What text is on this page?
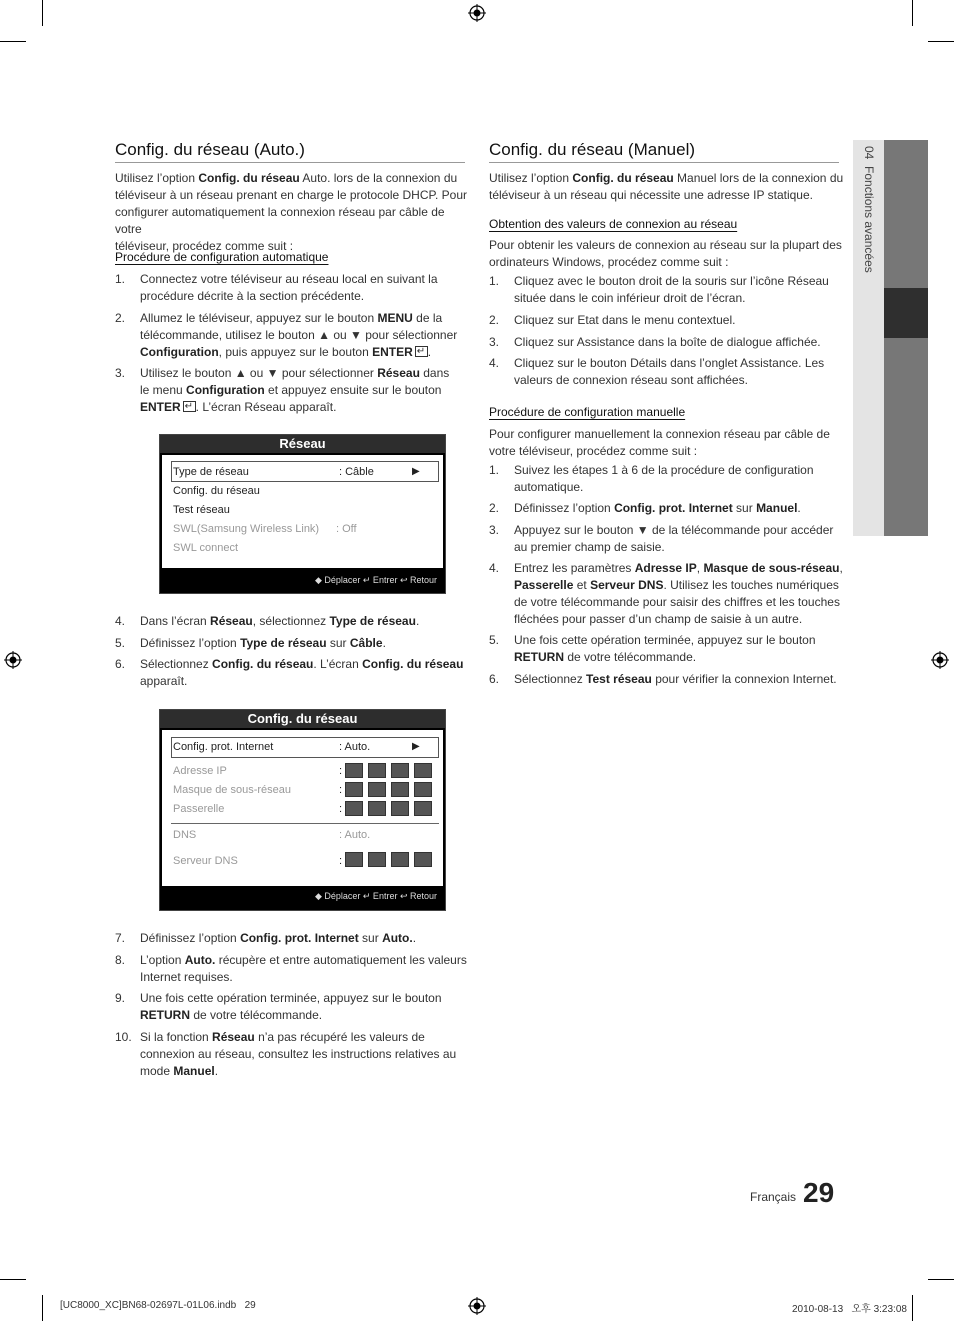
Config. du réseau (Auto.)
Utilisez l’option Config. du réseau Auto. lors de la connexion du
téléviseur à un réseau prenant en charge le protocole DHCP. Pour
configurer automatiquement la connexion réseau par câble de votre
téléviseur, procédez comme suit :
Procédure de configuration automatique
1. Connectez votre téléviseur au réseau local en suivant la
procédure décrite à la section précédente.
2. Allumez le téléviseur, appuyez sur le bouton MENU de la
télécommande, utilisez le bouton ▲ ou ▼ pour sélectionner
Configuration, puis appuyez sur le bouton ENTER ↵ .
3. Utilisez le bouton ▲ ou ▼ pour sélectionner Réseau dans
le menu Configuration et appuyez ensuite sur le bouton
ENTER ↵ . L’écran Réseau apparaît.
Réseau
Type de réseau	: Câble	▶
Config. du réseau
Test réseau
SWL(Samsung Wireless Link) : Off
SWL connect
◆ Déplacer ↵ Entrer ↩ Retour
4. Dans l’écran Réseau, sélectionnez Type de réseau.
5. Définissez l’option Type de réseau sur Câble.
6. Sélectionnez Config. du réseau. L’écran Config. du réseau
apparaît.
Config. du réseau
Config. prot. Internet	: Auto.	▶
Adresse IP	:
Masque de sous-réseau	:
Passerelle	:
DNS	: Auto.
Serveur DNS	:
◆ Déplacer ↵ Entrer ↩ Retour
7. Définissez l’option Config. prot. Internet sur Auto..
8. L’option Auto. récupère et entre automatiquement les valeurs
Internet requises.
9. Une fois cette opération terminée, appuyez sur le bouton
RETURN de votre télécommande.
10. Si la fonction Réseau n’a pas récupéré les valeurs de
connexion au réseau, consultez les instructions relatives au
mode Manuel.
Config. du réseau (Manuel)
Utilisez l’option Config. du réseau Manuel lors de la connexion du
téléviseur à un réseau qui nécessite une adresse IP statique.
Obtention des valeurs de connexion au réseau
Pour obtenir les valeurs de connexion au réseau sur la plupart des
ordinateurs Windows, procédez comme suit :
1. Cliquez avec le bouton droit de la souris sur l’icône Réseau
située dans le coin inférieur droit de l’écran.
2. Cliquez sur Etat dans le menu contextuel.
3. Cliquez sur Assistance dans la boîte de dialogue affichée.
4. Cliquez sur le bouton Détails dans l’onglet Assistance. Les
valeurs de connexion réseau sont affichées.
Procédure de configuration manuelle
Pour configurer manuellement la connexion réseau par câble de
votre téléviseur, procédez comme suit :
1. Suivez les étapes 1 à 6 de la procédure de configuration
automatique.
2. Définissez l’option Config. prot. Internet sur Manuel.
3. Appuyez sur le bouton ▼ de la télécommande pour accéder
au premier champ de saisie.
4. Entrez les paramètres Adresse IP, Masque de sous-réseau,
Passerelle et Serveur DNS. Utilisez les touches numériques
de votre télécommande pour saisir des chiffres et les touches
fléchées pour passer d’un champ de saisie à un autre.
5. Une fois cette opération terminée, appuyez sur le bouton
RETURN de votre télécommande.
6. Sélectionnez Test réseau pour vérifier la connexion Internet.
04  Fonctions avancées
Français 29
[UC8000_XC]BN68-02697L-01L06.indb   29	2010-08-13   오후 3:23:08
